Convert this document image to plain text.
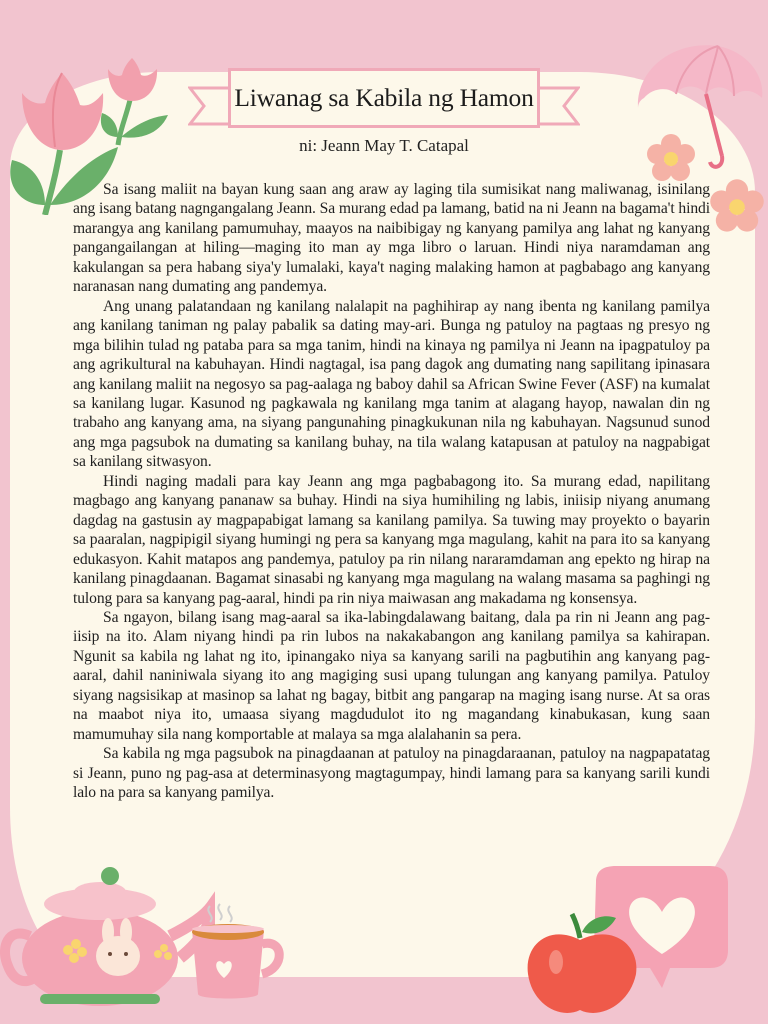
Liwanag sa Kabila ng Hamon
ni: Jeann May T. Catapal

Sa isang maliit na bayan kung saan ang araw ay laging tila sumisikat nang maliwanag, isinilang ang isang batang nagngangalang Jeann. Sa murang edad pa lamang, batid na ni Jeann na bagama't hindi marangya ang kanilang pamumuhay, maayos na naibibigay ng kanyang pamilya ang lahat ng kanyang pangangailangan at hiling—maging ito man ay mga libro o laruan. Hindi niya naramdaman ang kakulangan sa pera habang siya'y lumalaki, kaya't naging malaking hamon at pagbabago ang kanyang naranasan nang dumating ang pandemya.

Ang unang palatandaan ng kanilang nalalapit na paghihirap ay nang ibenta ng kanilang pamilya ang kanilang taniman ng palay pabalik sa dating may-ari. Bunga ng patuloy na pagtaas ng presyo ng mga bilihin tulad ng pataba para sa mga tanim, hindi na kinaya ng pamilya ni Jeann na ipagpatuloy pa ang agrikultural na kabuhayan. Hindi nagtagal, isa pang dagok ang dumating nang sapilitang ipinasara ang kanilang maliit na negosyo sa pag-aalaga ng baboy dahil sa African Swine Fever (ASF) na kumalat sa kanilang lugar. Kasunod ng pagkawala ng kanilang mga tanim at alagang hayop, nawalan din ng trabaho ang kanyang ama, na siyang pangunahing pinagkukunan nila ng kabuhayan. Nagsunud sunod ang mga pagsubok na dumating sa kanilang buhay, na tila walang katapusan at patuloy na nagpabigat sa kanilang sitwasyon.

Hindi naging madali para kay Jeann ang mga pagbabagong ito. Sa murang edad, napilitang magbago ang kanyang pananaw sa buhay. Hindi na siya humihiling ng labis, iniisip niyang anumang dagdag na gastusin ay magpapabigat lamang sa kanilang pamilya. Sa tuwing may proyekto o bayarin sa paaralan, nagpipigil siyang humingi ng pera sa kanyang mga magulang, kahit na para ito sa kanyang edukasyon. Kahit matapos ang pandemya, patuloy pa rin nilang nararamdaman ang epekto ng hirap na kanilang pinagdaanan. Bagamat sinasabi ng kanyang mga magulang na walang masama sa paghingi ng tulong para sa kanyang pag-aaral, hindi pa rin niya maiwasan ang makadama ng konsensya.

Sa ngayon, bilang isang mag-aaral sa ika-labingdalawang baitang, dala pa rin ni Jeann ang pag-iisip na ito. Alam niyang hindi pa rin lubos na nakakabangon ang kanilang pamilya sa kahirapan. Ngunit sa kabila ng lahat ng ito, ipinangako niya sa kanyang sarili na pagbutihin ang kanyang pag-aaral, dahil naniniwala siyang ito ang magiging susi upang tulungan ang kanyang pamilya. Patuloy siyang nagsisikap at masinop sa lahat ng bagay, bitbit ang pangarap na maging isang nurse. At sa oras na maabot niya ito, umaasa siyang magdudulot ito ng magandang kinabukasan, kung saan mamumuhay sila nang komportable at malaya sa mga alalahanin sa pera.

Sa kabila ng mga pagsubok na pinagdaanan at patuloy na pinagdaraanan, patuloy na nagpapatatag si Jeann, puno ng pag-asa at determinasyong magtagumpay, hindi lamang para sa kanyang sarili kundi lalo na para sa kanyang pamilya.
